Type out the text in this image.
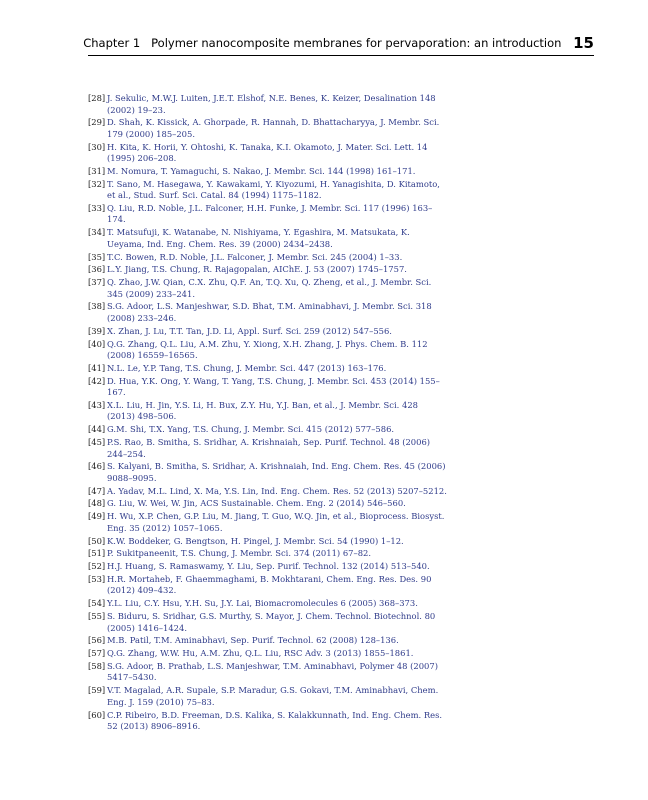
Chapter 1 Polymer nanocomposite membranes for pervaporation: an introduction 15
[28] J. Sekulic, M.W.J. Luiten, J.E.T. Elshof, N.E. Benes, K. Keizer, Desalination 148 (2002) 19–23.
[29] D. Shah, K. Kissick, A. Ghorpade, R. Hannah, D. Bhattacharyya, J. Membr. Sci. 179 (2000) 185–205.
[30] H. Kita, K. Horii, Y. Ohtoshi, K. Tanaka, K.I. Okamoto, J. Mater. Sci. Lett. 14 (1995) 206–208.
[31] M. Nomura, T. Yamaguchi, S. Nakao, J. Membr. Sci. 144 (1998) 161–171.
[32] T. Sano, M. Hasegawa, Y. Kawakami, Y. Kiyozumi, H. Yanagishita, D. Kitamoto, et al., Stud. Surf. Sci. Catal. 84 (1994) 1175–1182.
[33] Q. Liu, R.D. Noble, J.L. Falconer, H.H. Funke, J. Membr. Sci. 117 (1996) 163–174.
[34] T. Matsufuji, K. Watanabe, N. Nishiyama, Y. Egashira, M. Matsukata, K. Ueyama, Ind. Eng. Chem. Res. 39 (2000) 2434–2438.
[35] T.C. Bowen, R.D. Noble, J.L. Falconer, J. Membr. Sci. 245 (2004) 1–33.
[36] L.Y. Jiang, T.S. Chung, R. Rajagopalan, AIChE. J. 53 (2007) 1745–1757.
[37] Q. Zhao, J.W. Qian, C.X. Zhu, Q.F. An, T.Q. Xu, Q. Zheng, et al., J. Membr. Sci. 345 (2009) 233–241.
[38] S.G. Adoor, L.S. Manjeshwar, S.D. Bhat, T.M. Aminabhavi, J. Membr. Sci. 318 (2008) 233–246.
[39] X. Zhan, J. Lu, T.T. Tan, J.D. Li, Appl. Surf. Sci. 259 (2012) 547–556.
[40] Q.G. Zhang, Q.L. Liu, A.M. Zhu, Y. Xiong, X.H. Zhang, J. Phys. Chem. B. 112 (2008) 16559–16565.
[41] N.L. Le, Y.P. Tang, T.S. Chung, J. Membr. Sci. 447 (2013) 163–176.
[42] D. Hua, Y.K. Ong, Y. Wang, T. Yang, T.S. Chung, J. Membr. Sci. 453 (2014) 155–167.
[43] X.L. Liu, H. Jin, Y.S. Li, H. Bux, Z.Y. Hu, Y.J. Ban, et al., J. Membr. Sci. 428 (2013) 498–506.
[44] G.M. Shi, T.X. Yang, T.S. Chung, J. Membr. Sci. 415 (2012) 577–586.
[45] P.S. Rao, B. Smitha, S. Sridhar, A. Krishnaiah, Sep. Purif. Technol. 48 (2006) 244–254.
[46] S. Kalyani, B. Smitha, S. Sridhar, A. Krishnaiah, Ind. Eng. Chem. Res. 45 (2006) 9088–9095.
[47] A. Yadav, M.L. Lind, X. Ma, Y.S. Lin, Ind. Eng. Chem. Res. 52 (2013) 5207–5212.
[48] G. Liu, W. Wei, W. Jin, ACS Sustainable. Chem. Eng. 2 (2014) 546–560.
[49] H. Wu, X.P. Chen, G.P. Liu, M. Jiang, T. Guo, W.Q. Jin, et al., Bioprocess. Biosyst. Eng. 35 (2012) 1057–1065.
[50] K.W. Boddeker, G. Bengtson, H. Pingel, J. Membr. Sci. 54 (1990) 1–12.
[51] P. Sukitpaneenit, T.S. Chung, J. Membr. Sci. 374 (2011) 67–82.
[52] H.J. Huang, S. Ramaswamy, Y. Liu, Sep. Purif. Technol. 132 (2014) 513–540.
[53] H.R. Mortaheb, F. Ghaemmaghami, B. Mokhtarani, Chem. Eng. Res. Des. 90 (2012) 409–432.
[54] Y.L. Liu, C.Y. Hsu, Y.H. Su, J.Y. Lai, Biomacromolecules 6 (2005) 368–373.
[55] S. Biduru, S. Sridhar, G.S. Murthy, S. Mayor, J. Chem. Technol. Biotechnol. 80 (2005) 1416–1424.
[56] M.B. Patil, T.M. Aminabhavi, Sep. Purif. Technol. 62 (2008) 128–136.
[57] Q.G. Zhang, W.W. Hu, A.M. Zhu, Q.L. Liu, RSC Adv. 3 (2013) 1855–1861.
[58] S.G. Adoor, B. Prathab, L.S. Manjeshwar, T.M. Aminabhavi, Polymer 48 (2007) 5417–5430.
[59] V.T. Magalad, A.R. Supale, S.P. Maradur, G.S. Gokavi, T.M. Aminabhavi, Chem. Eng. J. 159 (2010) 75–83.
[60] C.P. Ribeiro, B.D. Freeman, D.S. Kalika, S. Kalakkunnath, Ind. Eng. Chem. Res. 52 (2013) 8906–8916.
